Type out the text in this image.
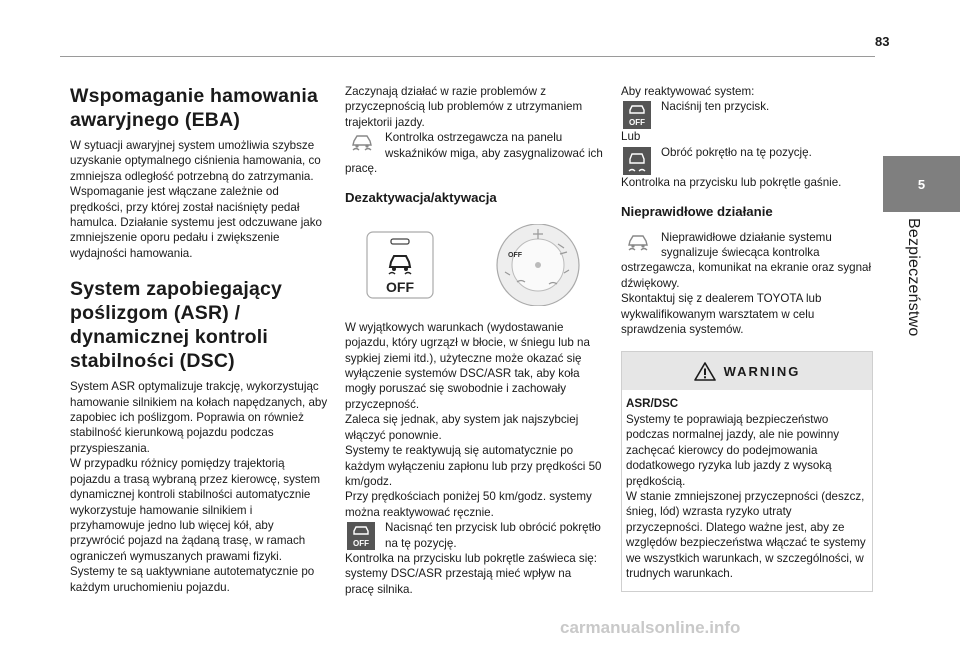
83
5
Bezpieczeństwo
Wspomaganie hamowania awaryjnego (EBA)

W sytuacji awaryjnej system umożliwia szybsze uzyskanie optymalnego ciśnienia hamowania, co zmniejsza odległość potrzebną do zatrzymania. Wspomaganie jest włączane zależnie od prędkości, przy której został naciśnięty pedał hamulca. Działanie systemu jest odczuwane jako zmniejszenie oporu pedału i zwiększenie wydajności hamowania.

System zapobiegający poślizgom (ASR) / dynamicznej kontroli stabilności (DSC)

System ASR optymalizuje trakcję, wykorzystując hamowanie silnikiem na kołach napędzanych, aby zapobiec ich poślizgom. Poprawia on również stabilność kierunkową pojazdu podczas przyspieszania.

W przypadku różnicy pomiędzy trajektorią pojazdu a trasą wybraną przez kierowcę, system dynamicznej kontroli stabilności automatycznie wykorzystuje hamowanie silnikiem i przyhamowuje jedno lub więcej kół, aby przywrócić pojazd na żądaną trasę, w ramach ograniczeń wymuszanych prawami fizyki.

Systemy te są uaktywniane autotematycznie po każdym uruchomieniu pojazdu.

Zaczynają działać w razie problemów z przyczepnością lub problemów z utrzymaniem trajektorii jazdy.

Kontrolka ostrzegawcza na panelu wskaźników miga, aby zasygnalizować ich pracę.

Dezaktywacja/aktywacja
OFF
OFF

W wyjątkowych warunkach (wydostawanie pojazdu, który ugrzązł w błocie, w śniegu lub na sypkiej ziemi itd.), użyteczne może okazać się wyłączenie systemów DSC/ASR tak, aby koła mogły poruszać się swobodnie i zachowały przyczepność.

Zaleca się jednak, aby system jak najszybciej włączyć ponownie.

Systemy te reaktywują się automatycznie po każdym wyłączeniu zapłonu lub przy prędkości 50 km/godz.

Przy prędkościach poniżej 50 km/godz. systemy można reaktywować ręcznie.

OFF

Nacisnąć ten przycisk lub obrócić pokrętło na tę pozycję.

Kontrolka na przycisku lub pokrętle zaświeca się: systemy DSC/ASR przestają mieć wpływ na pracę silnika.

Aby reaktywować system:

OFF

Naciśnij ten przycisk.

Lub

Obróć pokrętło na tę pozycję.

Kontrolka na przycisku lub pokrętle gaśnie.

Nieprawidłowe działanie

Nieprawidłowe działanie systemu sygnalizuje świecąca kontrolka ostrzegawcza, komunikat na ekranie oraz sygnał dźwiękowy.

Skontaktuj się z dealerem TOYOTA lub wykwalifikowanym warsztatem w celu sprawdzenia systemów.

WARNING

ASR/DSC

Systemy te poprawiają bezpieczeństwo podczas normalnej jazdy, ale nie powinny zachęcać kierowcy do podejmowania dodatkowego ryzyka lub jazdy z wysoką prędkością.

W stanie zmniejszonej przyczepności (deszcz, śnieg, lód) wzrasta ryzyko utraty przyczepności. Dlatego ważne jest, aby ze względów bezpieczeństwa włączać te systemy we wszystkich warunkach, w szczególności, w trudnych warunkach.

carmanualsonline.info
